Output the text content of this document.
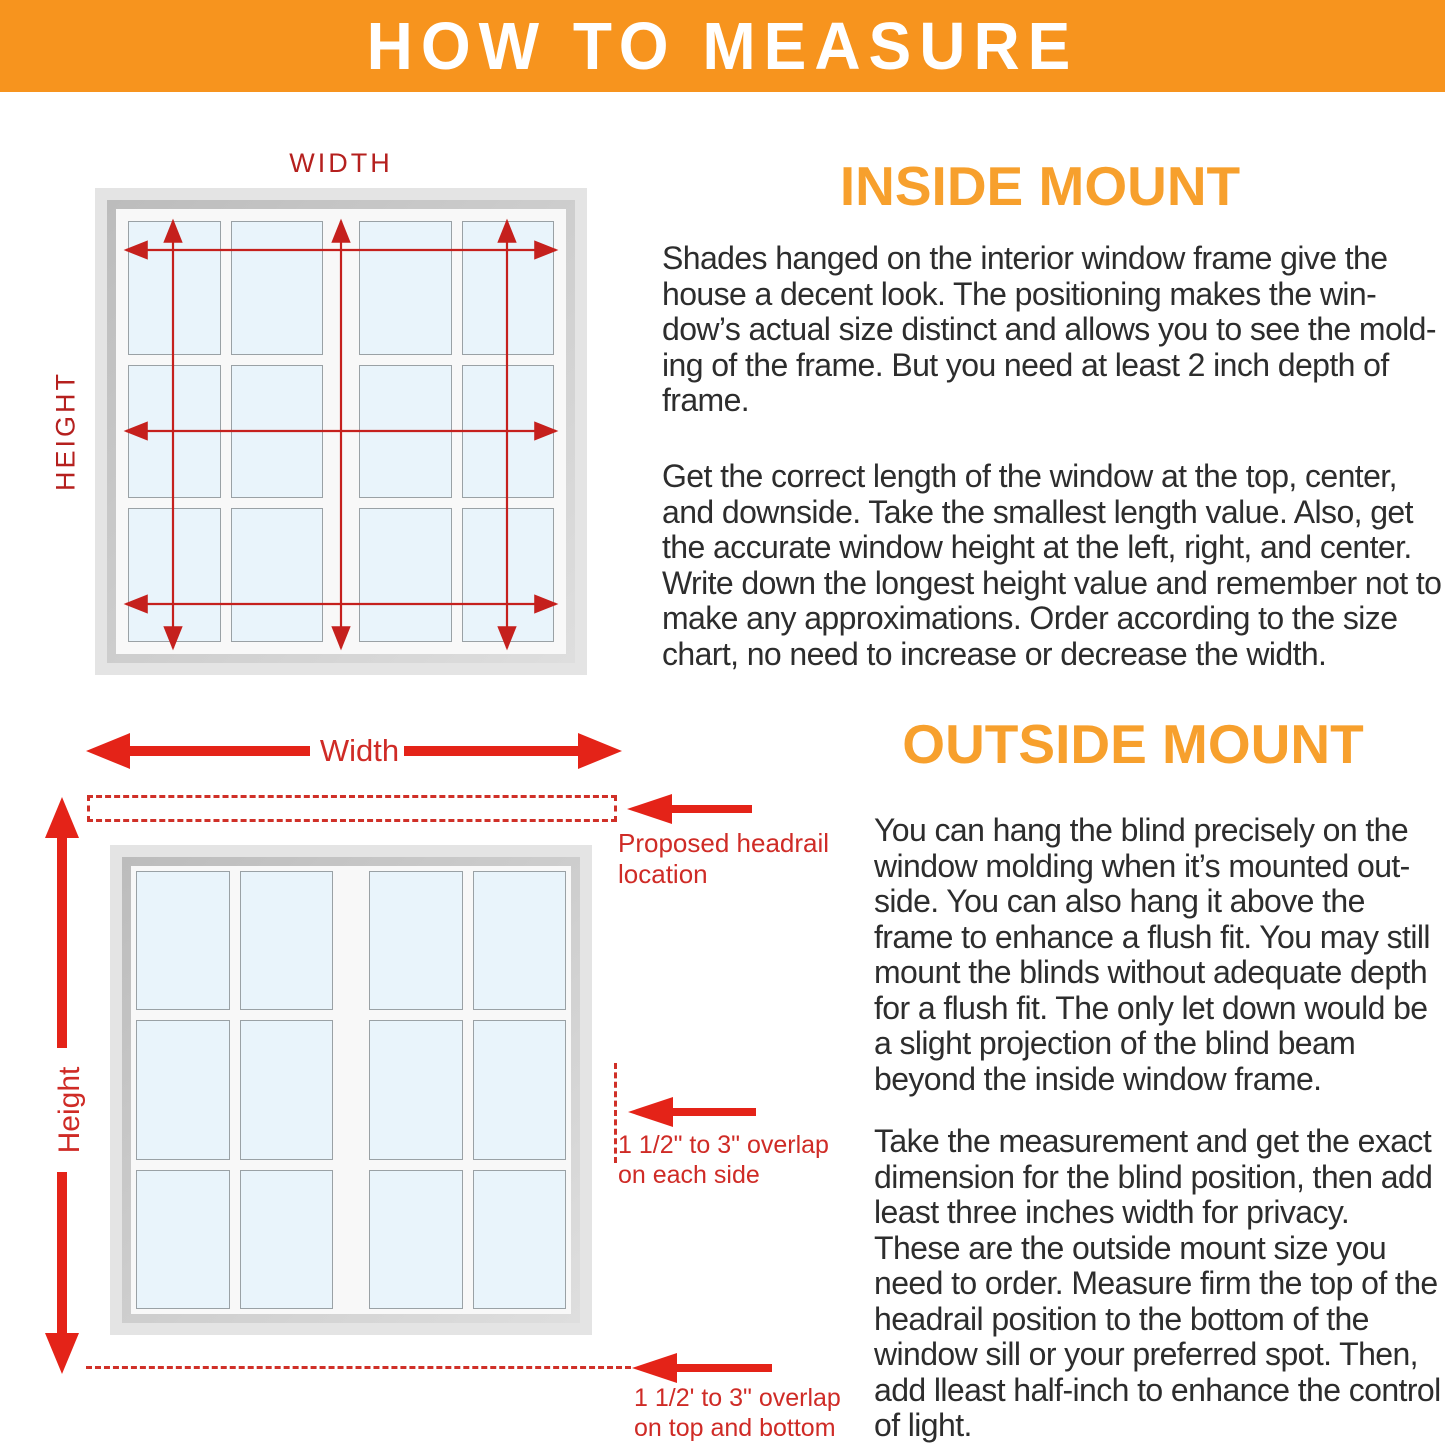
HOW TO MEASURE
WIDTH
HEIGHT
Width
Height
Proposed headrail
location
1 1/2" to 3" overlap
on each side
1 1/2' to 3" overlap
on top and bottom
INSIDE MOUNT
Shades hanged on the interior window frame give the
house a decent look. The positioning makes the win-
dow’s actual size distinct and allows you to see the mold-
ing of the frame. But you need at least 2 inch depth of
frame.
Get the correct length of the window at the top, center,
and downside. Take the smallest length value. Also, get
the accurate window height at the left, right, and center.
Write down the longest height value and remember not to
make any approximations. Order according to the size
chart, no need to increase or decrease the width.
OUTSIDE MOUNT
You can hang the blind precisely on the
window molding when it’s mounted out-
side. You can also hang it above the
frame to enhance a flush fit. You may still
mount the blinds without adequate depth
for a flush fit. The only let down would be
a slight projection of the blind beam
beyond the inside window frame.
Take the measurement and get the exact
dimension for the blind position, then add
least three inches width for privacy.
These are the outside mount size you
need to order. Measure firm the top of the
headrail position to the bottom of the
window sill or your preferred spot. Then,
add lleast half-inch to enhance the control
of light.
